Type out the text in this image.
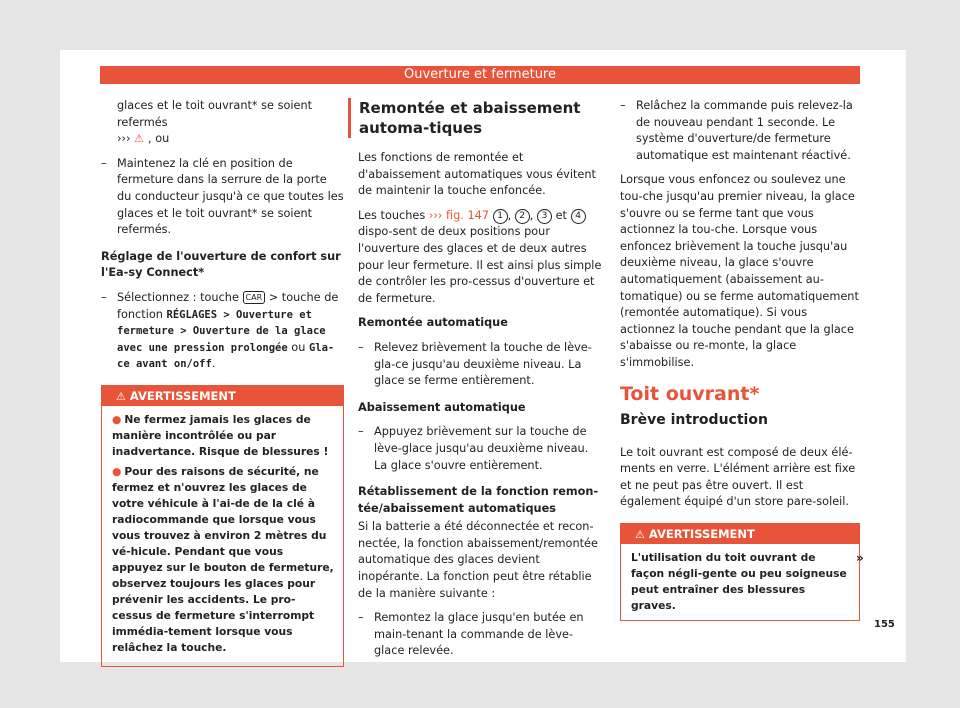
Ouverture et fermeture

glaces et le toit ouvrant* se soient refermés
››› ⚠ , ou

– Maintenez la clé en position de fermeture dans la serrure de la porte du conducteur jusqu'à ce que toutes les glaces et le toit ouvrant* se soient refermés.

Réglage de l'ouverture de confort sur l'Ea-sy Connect*

– Sélectionnez : touche CAR > touche de fonction RÉGLAGES > Ouverture et fermeture > Ouverture de la glace avec une pression prolongée ou Gla-ce avant on/off.
⚠ AVERTISSEMENT

● Ne fermez jamais les glaces de manière incontrôlée ou par inadvertance. Risque de blessures !

● Pour des raisons de sécurité, ne fermez et n'ouvrez les glaces de votre véhicule à l'ai-de de la clé à radiocommande que lorsque vous vous trouvez à environ 2 mètres du vé-hicule. Pendant que vous appuyez sur le bouton de fermeture, observez toujours les glaces pour prévenir les accidents. Le pro-cessus de fermeture s'interrompt immédia-tement lorsque vous relâchez la touche.

Remontée et abaissement automa-tiques

Les fonctions de remontée et d'abaissement automatiques vous évitent de maintenir la touche enfoncée.

Les touches ››› fig. 147 1 , 2 , 3 et 4 dispo-sent de deux positions pour l'ouverture des glaces et de deux autres pour leur fermeture. Il est ainsi plus simple de contrôler les pro-cessus d'ouverture et de fermeture.

Remontée automatique

– Relevez brièvement la touche de lève-gla-ce jusqu'au deuxième niveau. La glace se ferme entièrement.

Abaissement automatique

– Appuyez brièvement sur la touche de lève-glace jusqu'au deuxième niveau. La glace s'ouvre entièrement.

Rétablissement de la fonction remon-tée/abaissement automatiques

Si la batterie a été déconnectée et recon-nectée, la fonction abaissement/remontée automatique des glaces devient inopérante. La fonction peut être rétablie de la manière suivante :

– Remontez la glace jusqu'en butée en main-tenant la commande de lève-glace relevée.
– Relâchez la commande puis relevez-la de nouveau pendant 1 seconde. Le système d'ouverture/de fermeture automatique est maintenant réactivé.

Lorsque vous enfoncez ou soulevez une tou-che jusqu'au premier niveau, la glace s'ouvre ou se ferme tant que vous actionnez la tou-che. Lorsque vous enfoncez brièvement la touche jusqu'au deuxième niveau, la glace s'ouvre automatiquement (abaissement au-tomatique) ou se ferme automatiquement (remontée automatique). Si vous actionnez la touche pendant que la glace s'abaisse ou re-monte, la glace s'immobilise.

Toit ouvrant*
Brève introduction

Le toit ouvrant est composé de deux élé-ments en verre. L'élément arrière est fixe et ne peut pas être ouvert. Il est également équipé d'un store pare-soleil.

⚠ AVERTISSEMENT
L'utilisation du toit ouvrant de façon négli-gente ou peu soigneuse peut entraîner des blessures graves.
»
155
